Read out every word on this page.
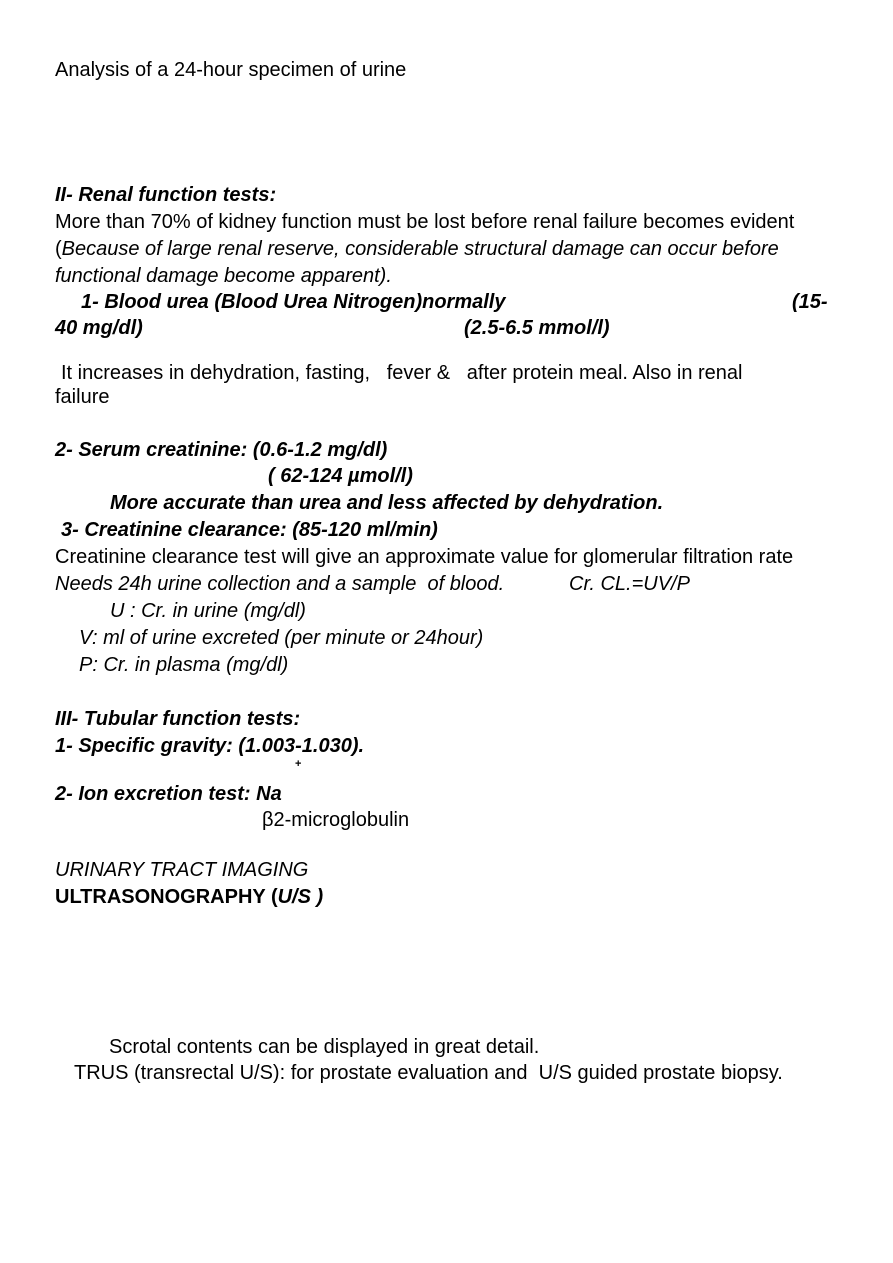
Analysis of a 24-hour specimen of urine
II- Renal function tests:
More than 70% of kidney function must be lost before renal failure becomes evident
(Because of large renal reserve, considerable structural damage can occur before
functional damage become apparent).
1- Blood urea (Blood Urea Nitrogen)normally	(15-
40 mg/dl)	(2.5-6.5 mmol/l)
It increases in dehydration, fasting,   fever &   after protein meal. Also in renal
failure
2- Serum creatinine: (0.6-1.2 mg/dl)
( 62-124 µmol/l)
More accurate than urea and less affected by dehydration.
3- Creatinine clearance: (85-120 ml/min)
Creatinine clearance test will give an approximate value for glomerular filtration rate
Needs 24h urine collection and a sample  of blood.	Cr. CL.=UV/P
U : Cr. in urine (mg/dl)
V: ml of urine excreted (per minute or 24hour)
P: Cr. in plasma (mg/dl)
III- Tubular function tests:
1- Specific gravity: (1.003-1.030).
+
2- Ion excretion test: Na
β2-microglobulin
URINARY TRACT IMAGING
ULTRASONOGRAPHY (U/S )
Scrotal contents can be displayed in great detail.
TRUS (transrectal U/S): for prostate evaluation and  U/S guided prostate biopsy.
